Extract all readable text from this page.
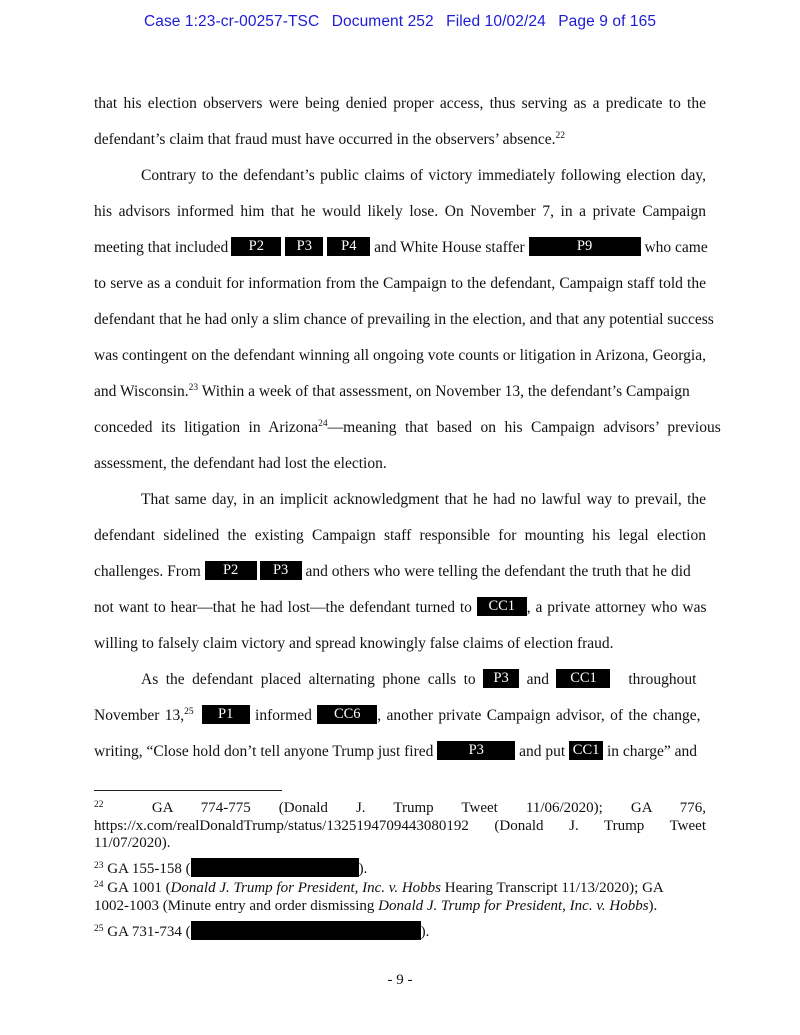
Case 1:23-cr-00257-TSC Document 252 Filed 10/02/24 Page 9 of 165
that his election observers were being denied proper access, thus serving as a predicate to the
defendant’s claim that fraud must have occurred in the observers’ absence.$^{22}$
Contrary to the defendant’s public claims of victory immediately following election day,
his advisors informed him that he would likely lose. On November 7, in a private Campaign
meeting that included P2 P3 P4 and White House staffer	P9	who came
to serve as a conduit for information from the Campaign to the defendant, Campaign staff told the
defendant that he had only a slim chance of prevailing in the election, and that any potential success
was contingent on the defendant winning all ongoing vote counts or litigation in Arizona, Georgia,
and Wisconsin.$^{23}$ Within a week of that assessment, on November 13, the defendant’s Campaign
conceded its litigation in Arizona$^{24}$—meaning that based on his Campaign advisors’ previous
assessment, the defendant had lost the election.
That same day, in an implicit acknowledgment that he had no lawful way to prevail, the
defendant sidelined the existing Campaign staff responsible for mounting his legal election
challenges. From P2 P3 and others who were telling the defendant the truth that he did
not want to hear—that he had lost—the defendant turned to CC1 , a private attorney who was
willing to falsely claim victory and spread knowingly false claims of election fraud.
As the defendant placed alternating phone calls to P3 and CC1 throughout
November 13,25 P1 informed CC6 , another private Campaign advisor, of the change,
writing, “Close hold don’t tell anyone Trump just fired P3 and put CC1 in charge” and
$^{22}$	GA 774-775 (Donald J. Trump Tweet 11/06/2020); GA 776,
https://x.com/realDonaldTrump/status/1325194709443080192 (Donald J. Trump Tweet
11/07/2020).
$^{23}$ GA 155-158 (	).
$^{24}$ GA 1001 (Donald J. Trump for President, Inc. v. Hobbs Hearing Transcript 11/13/2020); GA
1002-1003 (Minute entry and order dismissing Donald J. Trump for President, Inc. v. Hobbs).
$^{25}$ GA 731-734 (	).
- 9 -
